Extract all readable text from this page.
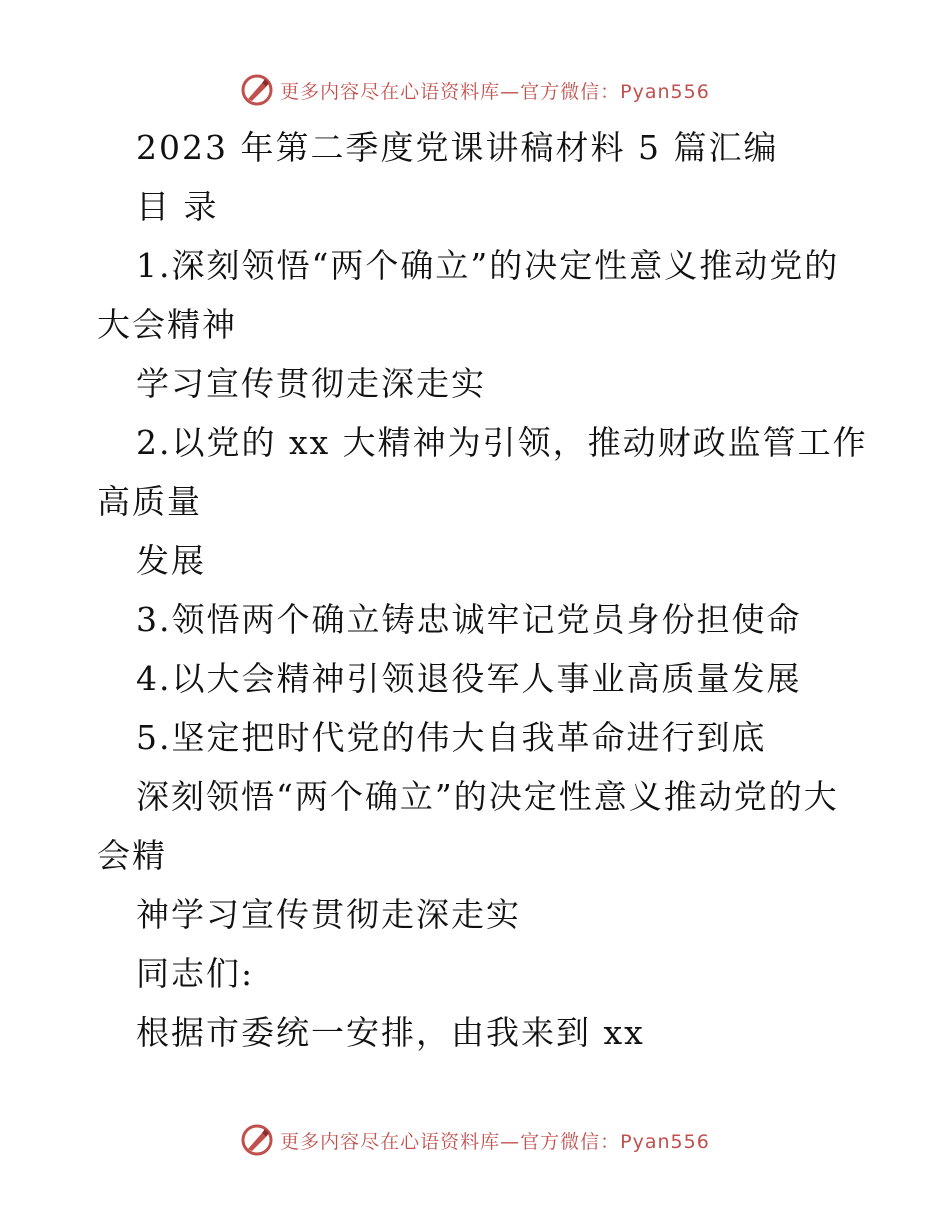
更多内容尽在心语资料库—官方微信：Pyan556
2023 年第二季度党课讲稿材料 5 篇汇编
目 录
1.深刻领悟“两个确立”的决定性意义推动党的
大会精神
学习宣传贯彻走深走实
2.以党的 xx 大精神为引领，推动财政监管工作
高质量
发展
3.领悟两个确立铸忠诚牢记党员身份担使命
4.以大会精神引领退役军人事业高质量发展
5.坚定把时代党的伟大自我革命进行到底
深刻领悟“两个确立”的决定性意义推动党的大
会精
神学习宣传贯彻走深走实
同志们:
根据市委统一安排，由我来到 xx
更多内容尽在心语资料库—官方微信：Pyan556
